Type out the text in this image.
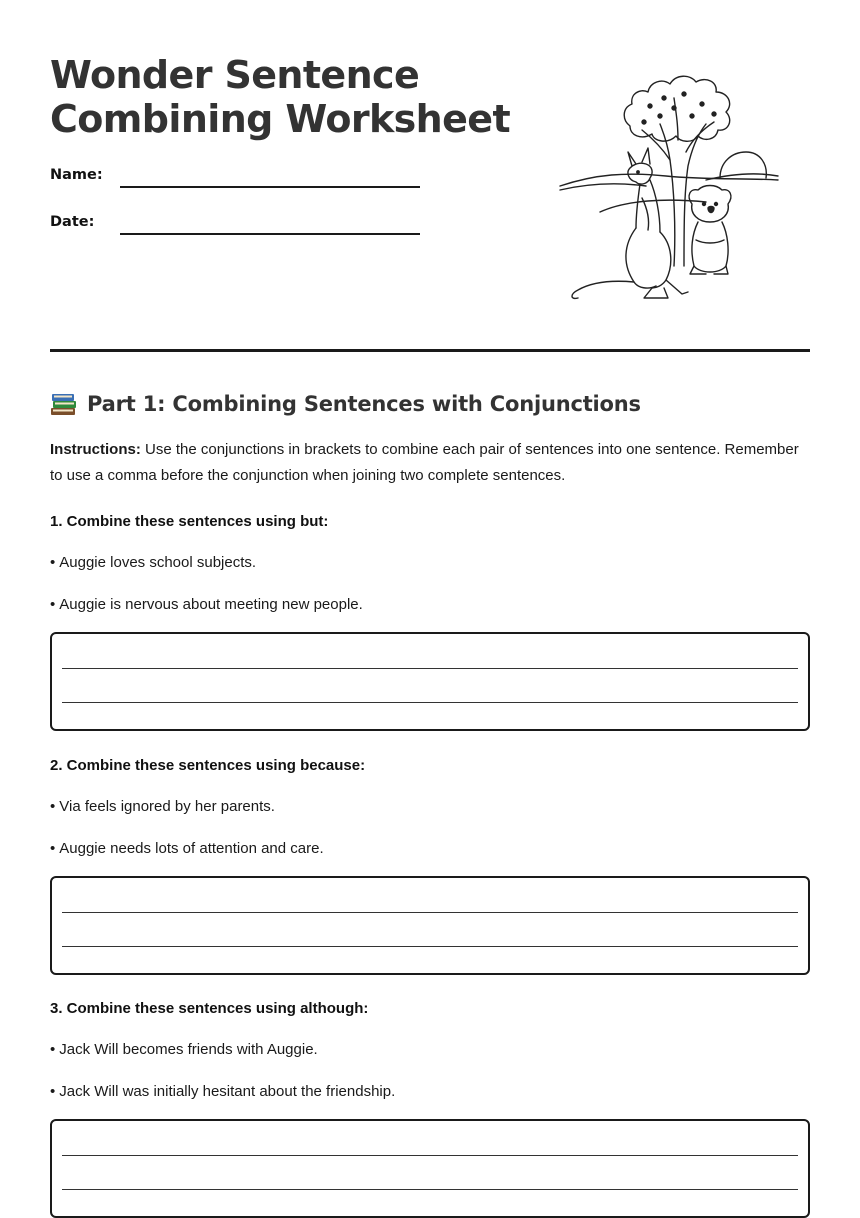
Wonder Sentence
Combining Worksheet
Name:
Date:
Part 1: Combining Sentences with Conjunctions
Instructions: Use the conjunctions in brackets to combine each pair of sentences into one sentence. Remember to use a comma before the conjunction when joining two complete sentences.
1. Combine these sentences using but:
• Auggie loves school subjects.
• Auggie is nervous about meeting new people.
2. Combine these sentences using because:
• Via feels ignored by her parents.
• Auggie needs lots of attention and care.
3. Combine these sentences using although:
• Jack Will becomes friends with Auggie.
• Jack Will was initially hesitant about the friendship.
